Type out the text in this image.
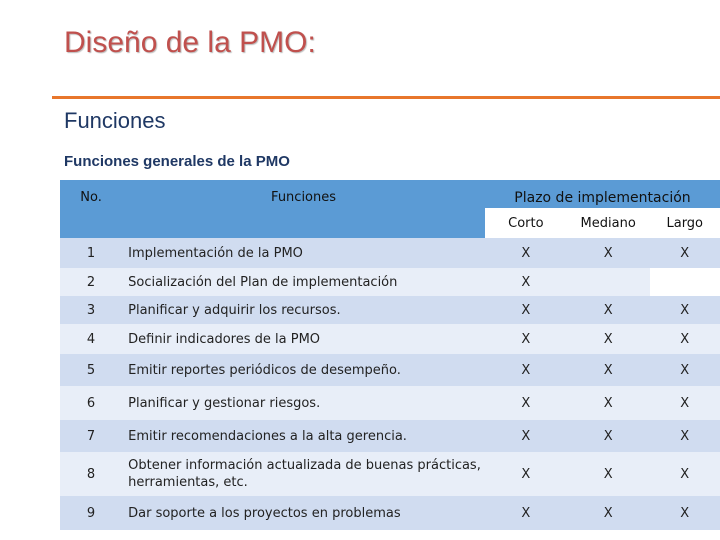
Diseño de la PMO:
Funciones
Funciones generales de la PMO
No.	Funciones	Plazo de implementación		
		Corto	Mediano	Largo
1	Implementación de la PMO	X	X	X
2	Socialización del Plan de implementación	X		
3	Planificar y adquirir los recursos.	X	X	X
4	Definir indicadores de la PMO	X	X	X
5	Emitir reportes periódicos de desempeño.	X	X	X
6	Planificar y gestionar riesgos.	X	X	X
7	Emitir recomendaciones a la alta gerencia.	X	X	X
8	Obtener información actualizada de buenas prácticas, herramientas, etc.	X	X	X
9	Dar soporte a los proyectos en problemas	X	X	X
